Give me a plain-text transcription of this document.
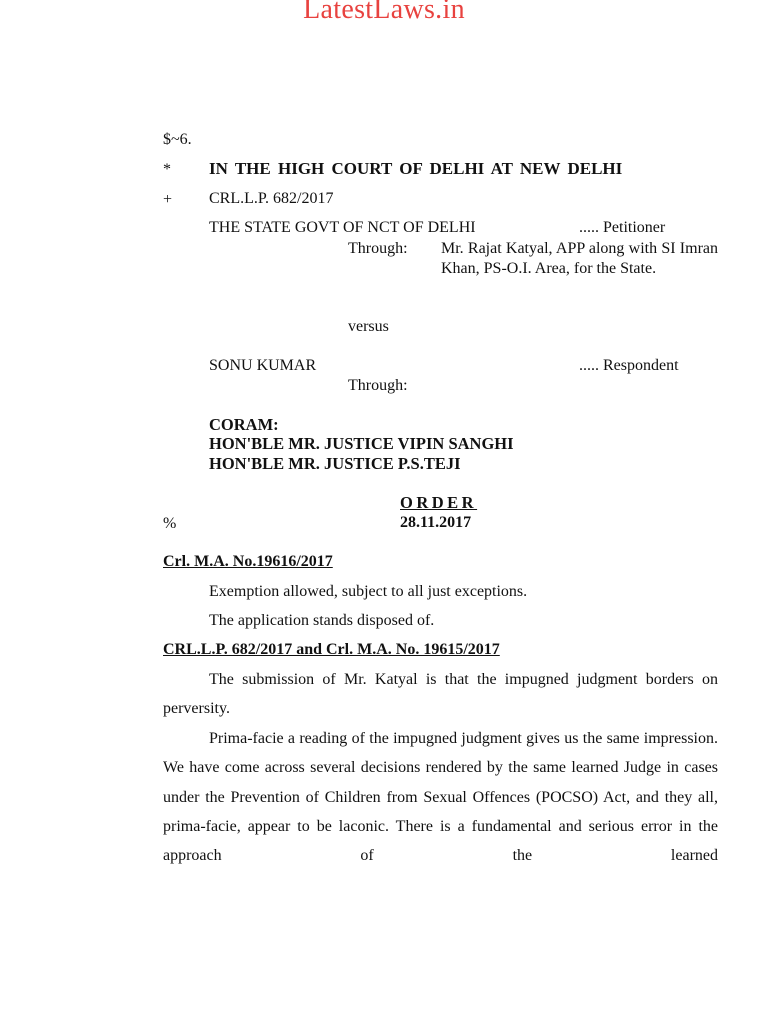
LatestLaws.in
$~6.
* IN THE HIGH COURT OF DELHI AT NEW DELHI
+ CRL.L.P. 682/2017
THE STATE GOVT OF NCT OF DELHI	..... Petitioner
Through: Mr. Rajat Katyal, APP along with SI Imran Khan, PS-O.I. Area, for the State.
versus
SONU KUMAR	..... Respondent
Through:
CORAM:
HON'BLE MR. JUSTICE VIPIN SANGHI
HON'BLE MR. JUSTICE P.S.TEJI
ORDER
%	28.11.2017
Crl. M.A. No.19616/2017
Exemption allowed, subject to all just exceptions.
The application stands disposed of.
CRL.L.P. 682/2017 and Crl. M.A. No. 19615/2017
The submission of Mr. Katyal is that the impugned judgment borders on perversity.
Prima-facie a reading of the impugned judgment gives us the same impression. We have come across several decisions rendered by the same learned Judge in cases under the Prevention of Children from Sexual Offences (POCSO) Act, and they all, prima-facie, appear to be laconic. There is a fundamental and serious error in the approach of the learned
